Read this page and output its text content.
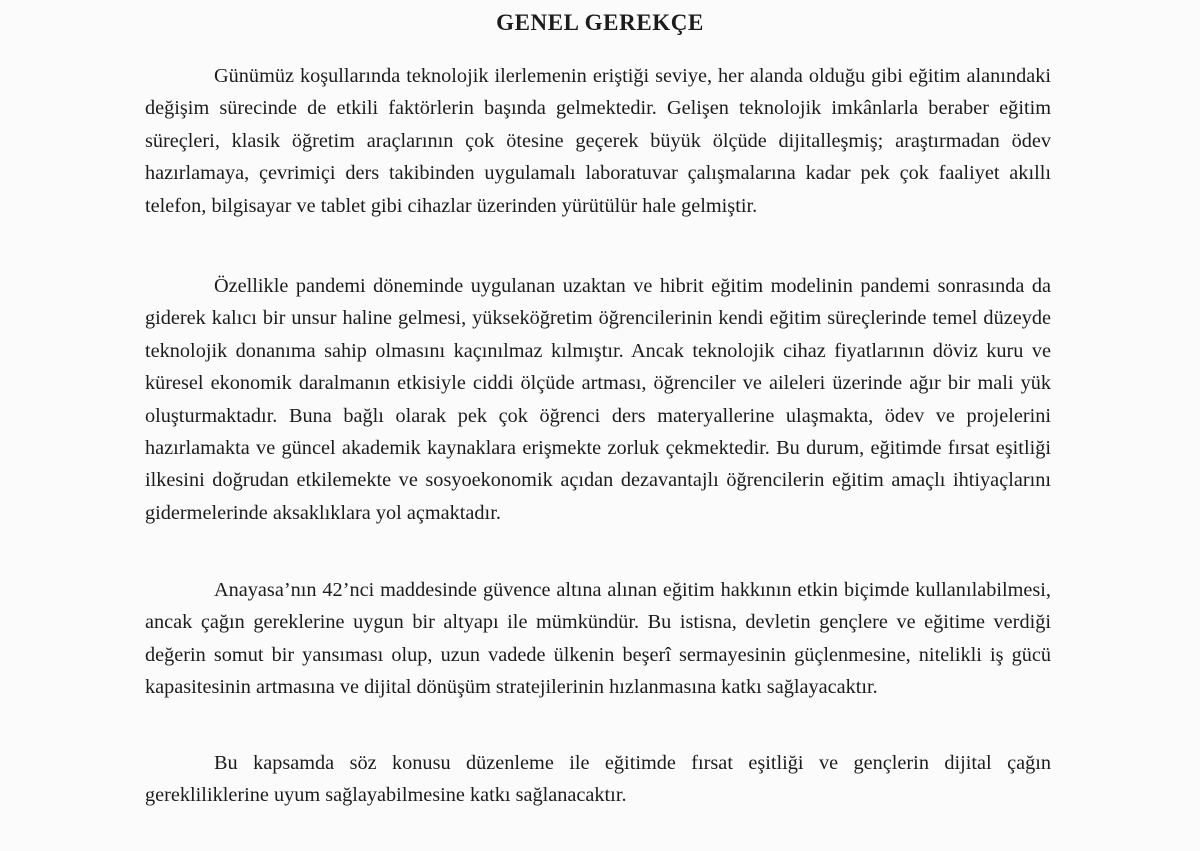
GENEL GEREKÇE

Günümüz koşullarında teknolojik ilerlemenin eriştiği seviye, her alanda olduğu gibi eğitim alanındaki değişim sürecinde de etkili faktörlerin başında gelmektedir. Gelişen teknolojik imkânlarla beraber eğitim süreçleri, klasik öğretim araçlarının çok ötesine geçerek büyük ölçüde dijitalleşmiş; araştırmadan ödev hazırlamaya, çevrimiçi ders takibinden uygulamalı laboratuvar çalışmalarına kadar pek çok faaliyet akıllı telefon, bilgisayar ve tablet gibi cihazlar üzerinden yürütülür hale gelmiştir.

Özellikle pandemi döneminde uygulanan uzaktan ve hibrit eğitim modelinin pandemi sonrasında da giderek kalıcı bir unsur haline gelmesi, yükseköğretim öğrencilerinin kendi eğitim süreçlerinde temel düzeyde teknolojik donanıma sahip olmasını kaçınılmaz kılmıştır. Ancak teknolojik cihaz fiyatlarının döviz kuru ve küresel ekonomik daralmanın etkisiyle ciddi ölçüde artması, öğrenciler ve aileleri üzerinde ağır bir mali yük oluşturmaktadır. Buna bağlı olarak pek çok öğrenci ders materyallerine ulaşmakta, ödev ve projelerini hazırlamakta ve güncel akademik kaynaklara erişmekte zorluk çekmektedir. Bu durum, eğitimde fırsat eşitliği ilkesini doğrudan etkilemekte ve sosyoekonomik açıdan dezavantajlı öğrencilerin eğitim amaçlı ihtiyaçlarını gidermelerinde aksaklıklara yol açmaktadır.

Anayasa’nın 42’nci maddesinde güvence altına alınan eğitim hakkının etkin biçimde kullanılabilmesi, ancak çağın gereklerine uygun bir altyapı ile mümkündür. Bu istisna, devletin gençlere ve eğitime verdiği değerin somut bir yansıması olup, uzun vadede ülkenin beşerî sermayesinin güçlenmesine, nitelikli iş gücü kapasitesinin artmasına ve dijital dönüşüm stratejilerinin hızlanmasına katkı sağlayacaktır.

Bu kapsamda söz konusu düzenleme ile eğitimde fırsat eşitliği ve gençlerin dijital çağın gerekliliklerine uyum sağlayabilmesine katkı sağlanacaktır.
